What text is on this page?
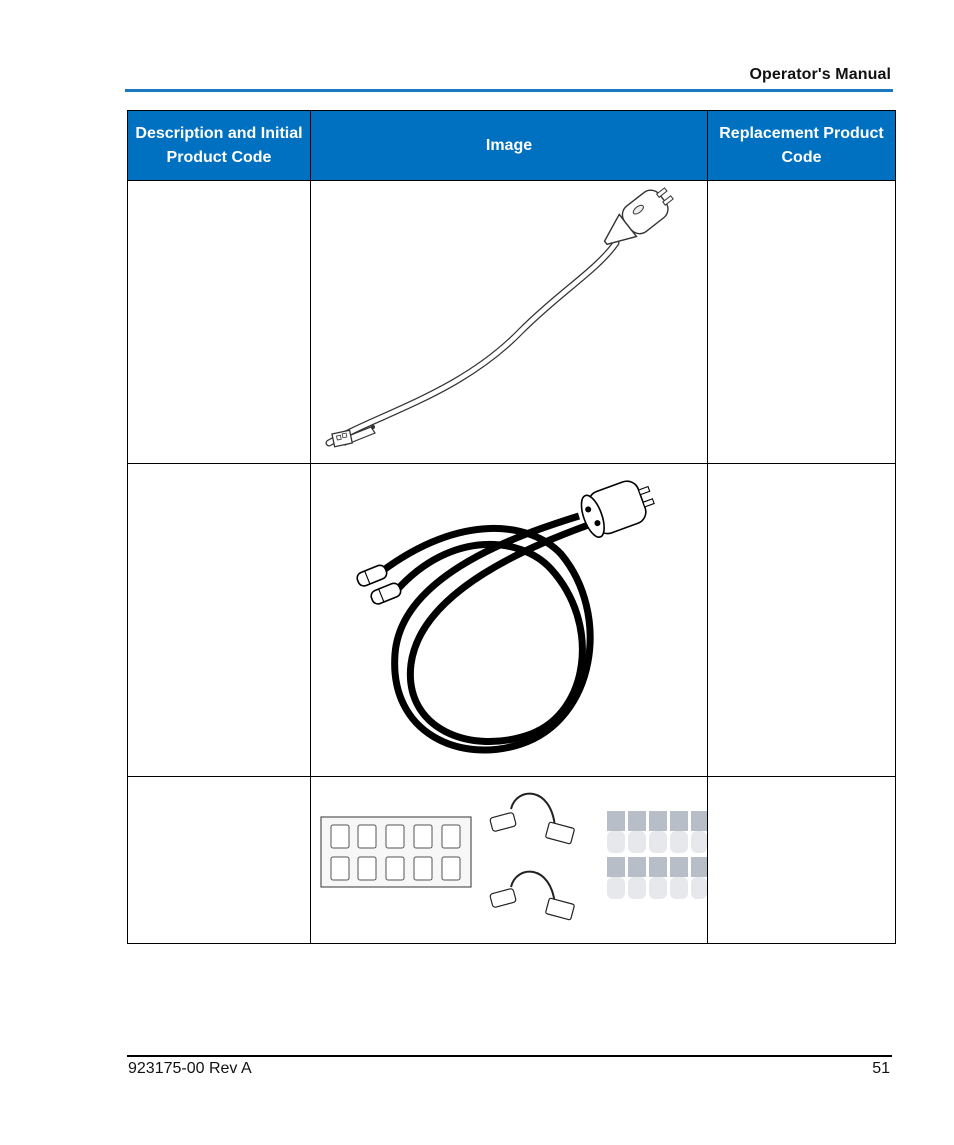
Operator's Manual
Description and Initial Product Code	Image	Replacement Product Code

923175-00 Rev A	51
